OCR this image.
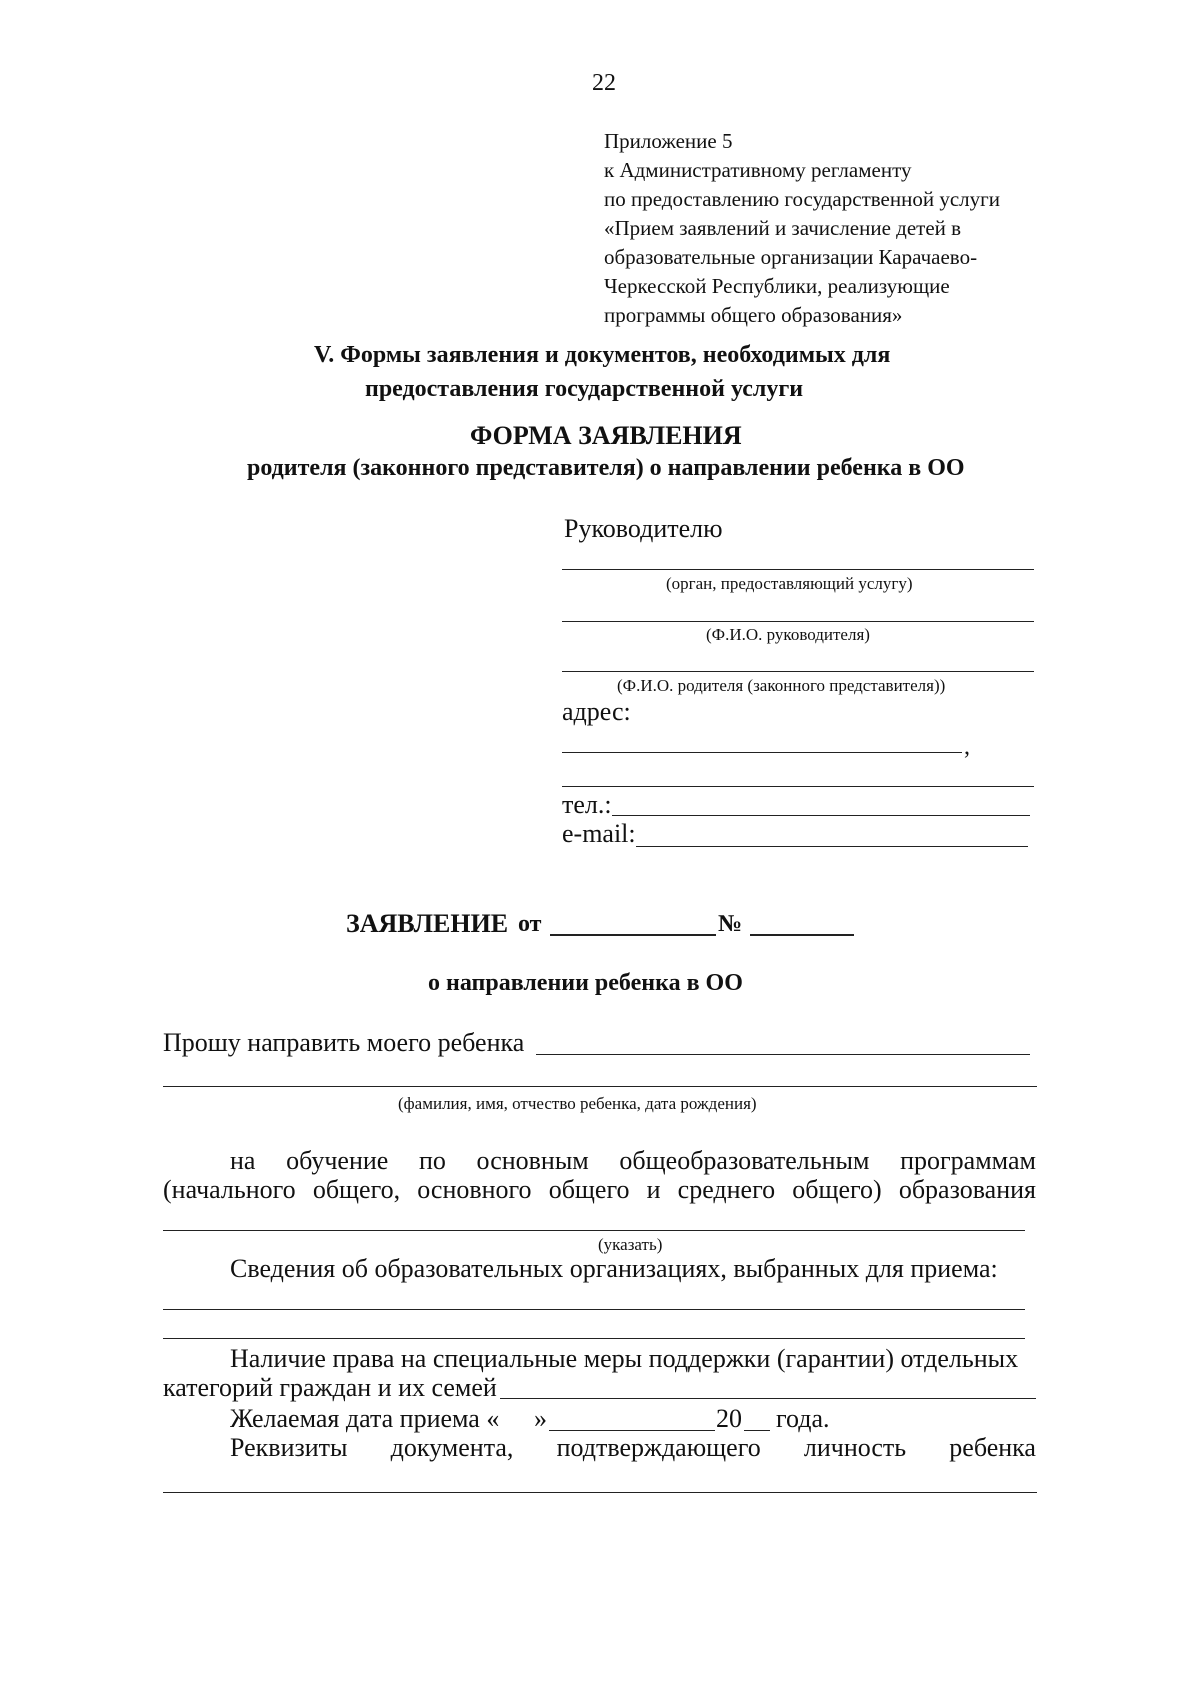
22
Приложение 5
к Административному регламенту
по предоставлению государственной услуги
«Прием заявлений и зачисление детей в
образовательные организации Карачаево-
Черкесской Республики, реализующие
программы общего образования»
V. Формы заявления и документов, необходимых для
предоставления государственной услуги
ФОРМА ЗАЯВЛЕНИЯ
родителя (законного представителя) о направлении ребенка в ОО
Руководителю
(орган, предоставляющий услугу)
(Ф.И.О. руководителя)
(Ф.И.О. родителя (законного представителя))
адрес:
,
тел.:
e-mail:
ЗАЯВЛЕНИЕ от	№
о направлении ребенка в ОО
Прошу направить моего ребенка
(фамилия, имя, отчество ребенка, дата рождения)
на обучение по основным общеобразовательным программам
(начального общего, основного общего и среднего общего) образования
(указать)
Сведения об образовательных организациях, выбранных для приема:
Наличие права на специальные меры поддержки (гарантии) отдельных
категорий граждан и их семей
Желаемая дата приема « »	20 года.
Реквизиты документа, подтверждающего личность ребенка
